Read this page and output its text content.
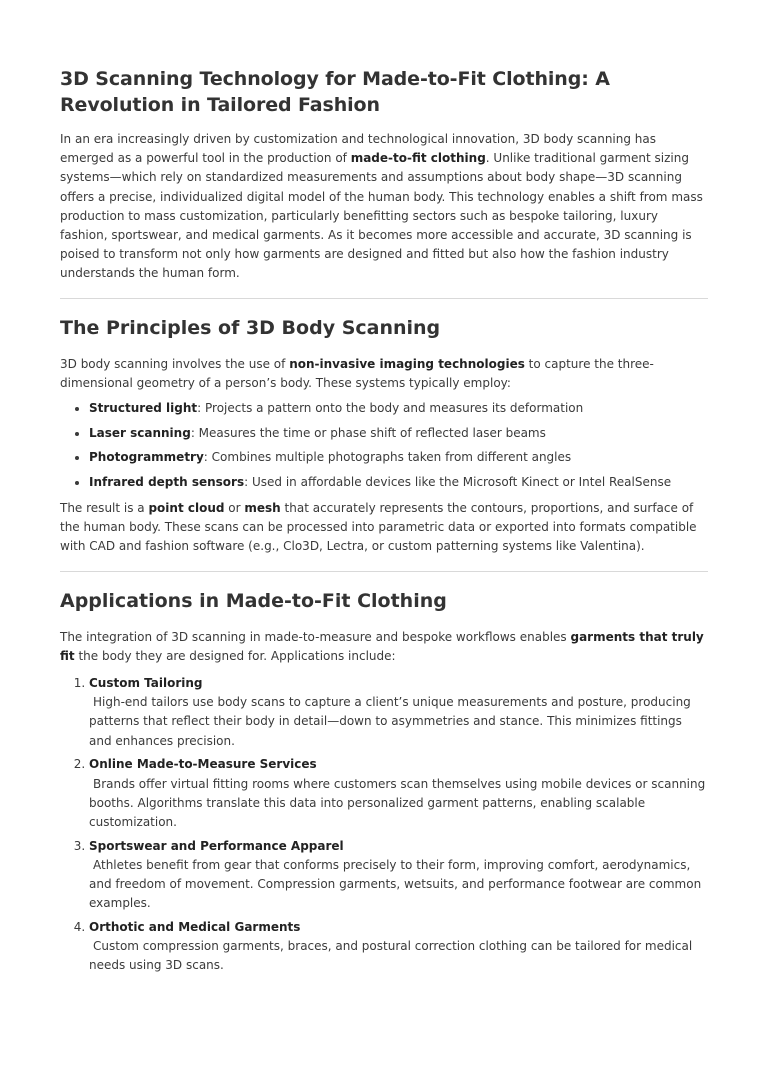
3D Scanning Technology for Made-to-Fit Clothing: A Revolution in Tailored Fashion

In an era increasingly driven by customization and technological innovation, 3D body scanning has emerged as a powerful tool in the production of made-to-fit clothing. Unlike traditional garment sizing systems—which rely on standardized measurements and assumptions about body shape—3D scanning offers a precise, individualized digital model of the human body. This technology enables a shift from mass production to mass customization, particularly benefitting sectors such as bespoke tailoring, luxury fashion, sportswear, and medical garments. As it becomes more accessible and accurate, 3D scanning is poised to transform not only how garments are designed and fitted but also how the fashion industry understands the human form.

The Principles of 3D Body Scanning

3D body scanning involves the use of non-invasive imaging technologies to capture the three-dimensional geometry of a person’s body. These systems typically employ:

• Structured light: Projects a pattern onto the body and measures its deformation
• Laser scanning: Measures the time or phase shift of reflected laser beams
• Photogrammetry: Combines multiple photographs taken from different angles
• Infrared depth sensors: Used in affordable devices like the Microsoft Kinect or Intel RealSense

The result is a point cloud or mesh that accurately represents the contours, proportions, and surface of the human body. These scans can be processed into parametric data or exported into formats compatible with CAD and fashion software (e.g., Clo3D, Lectra, or custom patterning systems like Valentina).

Applications in Made-to-Fit Clothing

The integration of 3D scanning in made-to-measure and bespoke workflows enables garments that truly fit the body they are designed for. Applications include:

1. Custom Tailoring
High-end tailors use body scans to capture a client’s unique measurements and posture, producing patterns that reflect their body in detail—down to asymmetries and stance. This minimizes fittings and enhances precision.
2. Online Made-to-Measure Services
Brands offer virtual fitting rooms where customers scan themselves using mobile devices or scanning booths. Algorithms translate this data into personalized garment patterns, enabling scalable customization.
3. Sportswear and Performance Apparel
Athletes benefit from gear that conforms precisely to their form, improving comfort, aerodynamics, and freedom of movement. Compression garments, wetsuits, and performance footwear are common examples.
4. Orthotic and Medical Garments
Custom compression garments, braces, and postural correction clothing can be tailored for medical needs using 3D scans.
